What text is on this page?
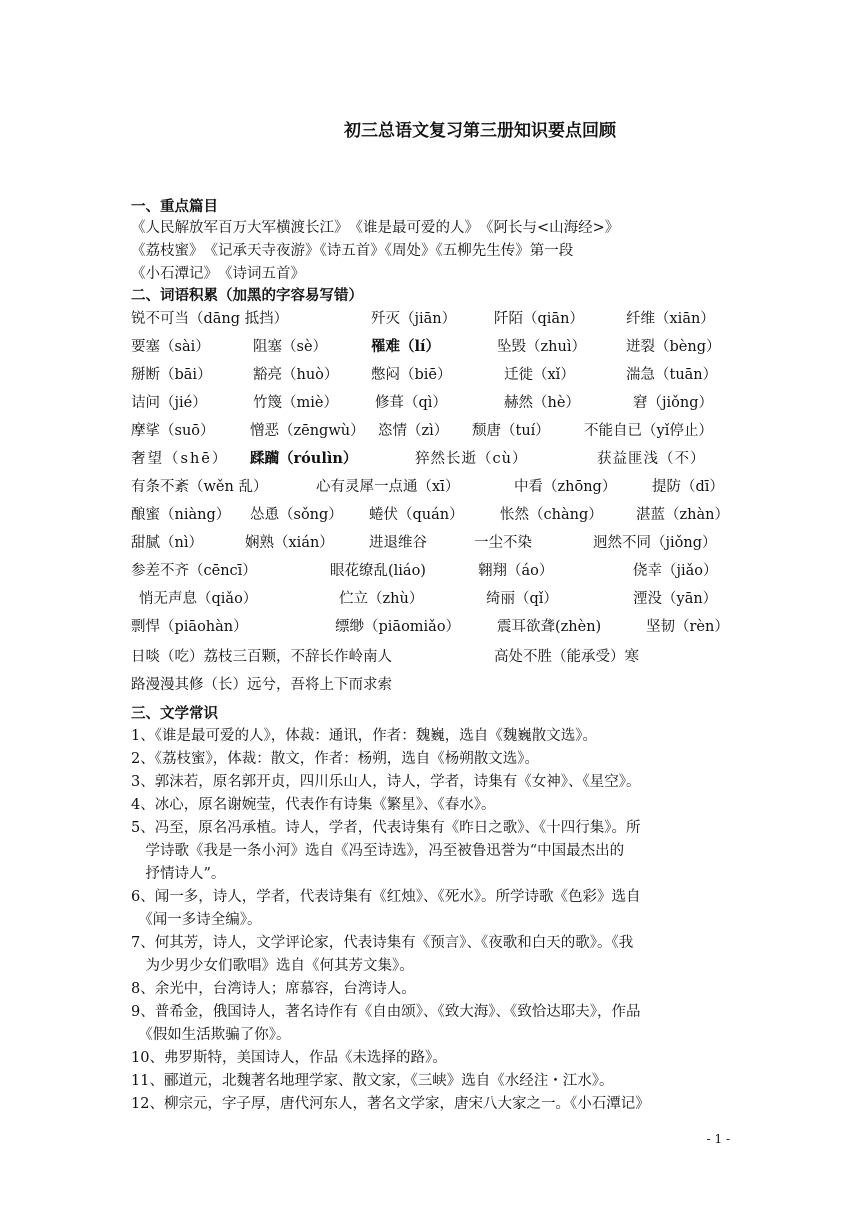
初三总语文复习第三册知识要点回顾
一、重点篇目
《人民解放军百万大军横渡长江》　《谁是最可爱的人》　《阿长与<山海经>》
《荔枝蜜》　《记承天寺夜游》《诗五首》《周处》《五柳先生传》第一段
《小石潭记》　《诗词五首》
二、词语积累（加黑的字容易写错）
锐不可当（dāng 抵挡）	歼灭（jiān）	阡陌（qiān）	纤维（xiān）
要塞（sài）	阻塞（sè）	罹难（lí）	坠毁（zhuì）	迸裂（bèng）
掰断（bāi）	豁亮（huò） 憋闷（biē）	迁徙（xǐ）	湍急（tuān）
诘问（jié）	竹篾（miè）	修葺（qì）	赫然（hè）	窘（jiǒng）
摩挲（suō） 憎恶（zēngwù） 恣情（zì） 颓唐（tuí） 不能自已（yǐ停止）
奢望（shē） 蹂躏（róulìn）	猝然长逝（cù）	获益匪浅（不）
有条不紊（wěn 乱）	心有灵犀一点通（xī）	中看（zhōng） 提防（dī）
酿蜜（niàng） 怂恿（sǒng） 蜷伏（quán）	怅然（chàng） 湛蓝（zhàn）
甜腻（nì）	娴熟（xián） 进退维谷	一尘不染	迥然不同（jiǒng）
参差不齐（cēncī）	眼花缭乱(liáo)	翱翔（áo）	侥幸（jiǎo）
悄无声息（qiǎo）	伫立（zhù）	绮丽（qǐ）	湮没（yān）
剽悍（piāohàn）	缥缈（piāomiǎo）	震耳欲聋(zhèn)	坚韧（rèn）
日啖（吃）荔枝三百颗，不辞长作岭南人	高处不胜（能承受）寒
路漫漫其修（长）远兮，吾将上下而求索
三、文学常识
1、《谁是最可爱的人》，体裁：通讯，作者：魏巍，选自《魏巍散文选》。
2、《荔枝蜜》，体裁：散文，作者：杨朔，选自《杨朔散文选》。
3、郭沫若，原名郭开贞，四川乐山人，诗人，学者，诗集有《女神》、《星空》。
4、冰心，原名谢婉莹，代表作有诗集《繁星》、《春水》。
5、冯至，原名冯承植。诗人，学者，代表诗集有《昨日之歌》、《十四行集》。所
　学诗歌《我是一条小河》选自《冯至诗选》，冯至被鲁迅誉为“中国最杰出的
　抒情诗人”。
6、闻一多，诗人，学者，代表诗集有《红烛》、《死水》。所学诗歌《色彩》选自
　《闻一多诗全编》。
7、何其芳，诗人，文学评论家，代表诗集有《预言》、《夜歌和白天的歌》。《我
　为少男少女们歌唱》选自《何其芳文集》。
8、余光中，台湾诗人；席慕容，台湾诗人。
9、普希金，俄国诗人，著名诗作有《自由颂》、《致大海》、《致恰达耶夫》，作品
　《假如生活欺骗了你》。
10、弗罗斯特，美国诗人，作品《未选择的路》。
11、郦道元，北魏著名地理学家、散文家，《三峡》选自《水经注・江水》。
12、柳宗元，字子厚，唐代河东人，著名文学家，唐宋八大家之一。《小石潭记》
- 1 -
